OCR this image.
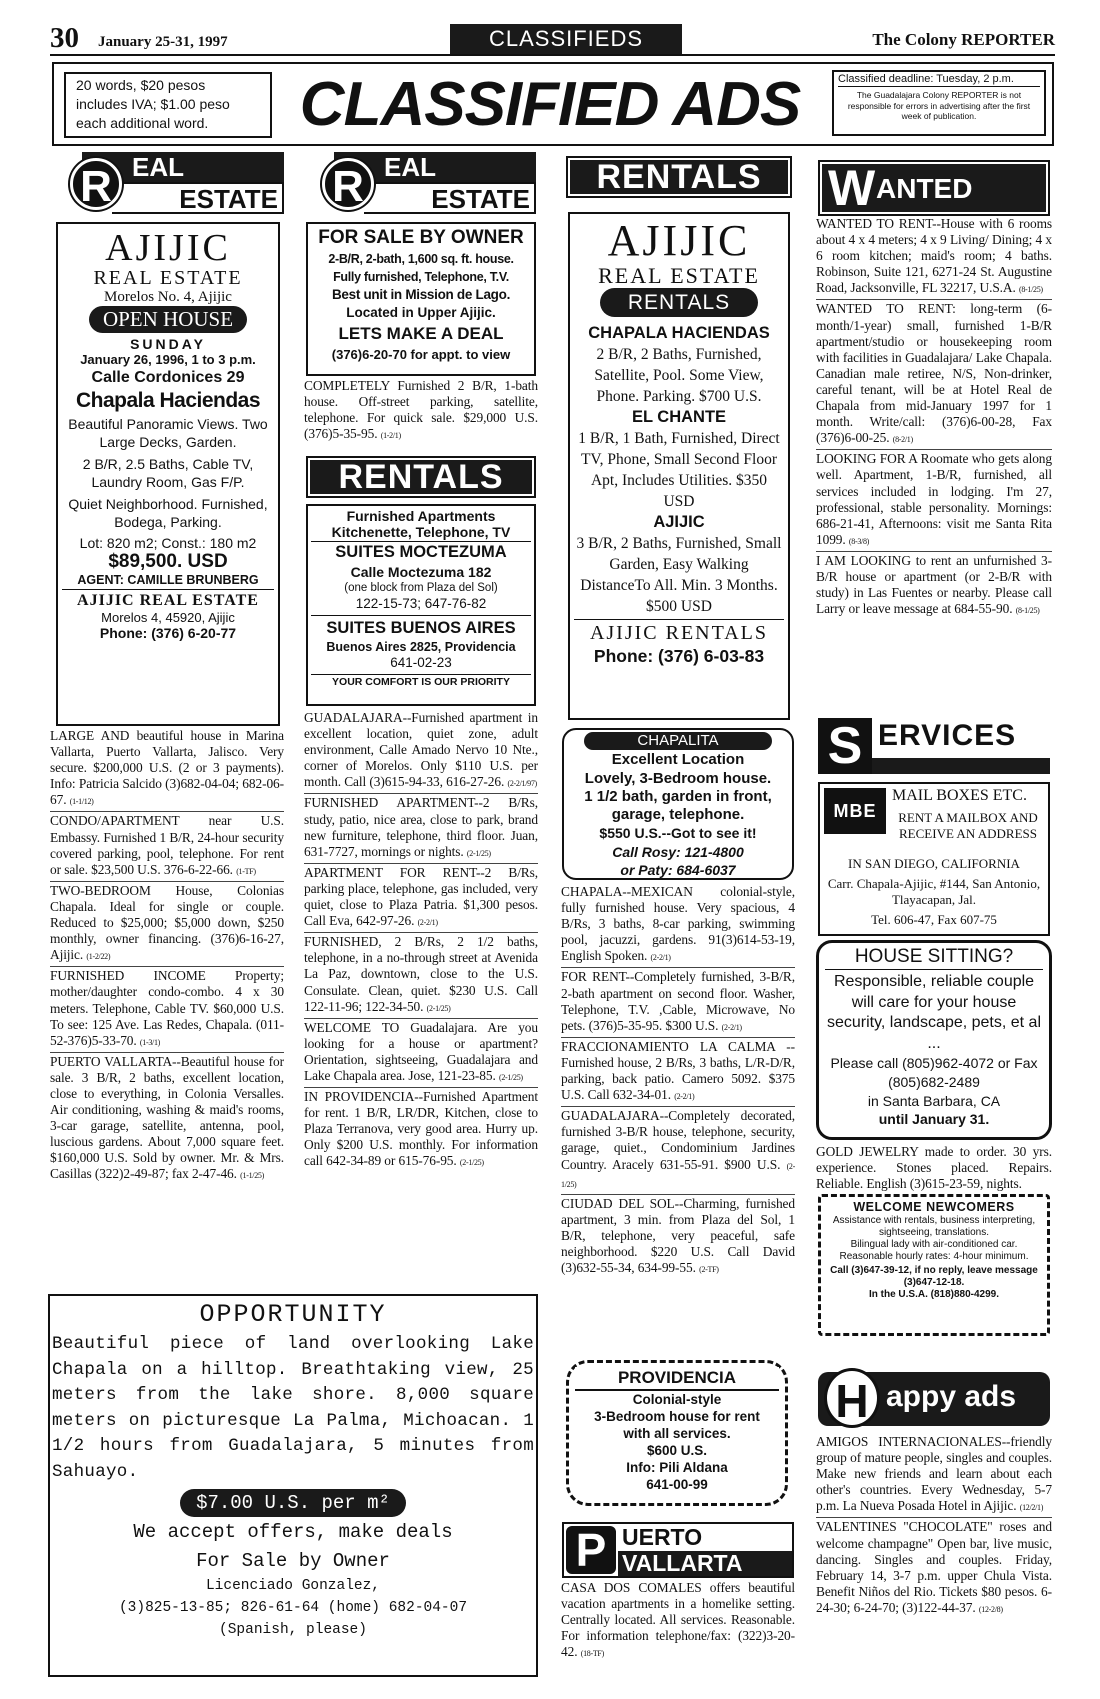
30 January 25-31, 1997	CLASSIFIEDS	The Colony REPORTER
20 words, $20 pesos includes IVA; $1.00 peso each additional word.	CLASSIFIED ADS	Classified deadline: Tuesday, 2 p.m.
The Guadalajara Colony REPORTER is not responsible for errors in advertising after the first week of publication.
EAL
ESTATE
R
AJIJIC
REAL ESTATE
Morelos No. 4, Ajijic
OPEN HOUSE
SUNDAY
January 26, 1996, 1 to 3 p.m.
Calle Cordonices 29
Chapala Haciendas
Beautiful Panoramic Views. Two Large Decks, Garden.
2 B/R, 2.5 Baths, Cable TV, Laundry Room, Gas F/P.
Quiet Neighborhood. Furnished, Bodega, Parking.
Lot: 820 m2; Const.: 180 m2
$89,500. USD
AGENT: CAMILLE BRUNBERG
AJIJIC REAL ESTATE
Morelos 4, 45920, Ajijic
Phone: (376) 6-20-77

LARGE AND beautiful house in Marina Vallarta, Puerto Vallarta, Jalisco. Very secure. $200,000 U.S. (2 or 3 payments). Info: Patricia Salcido (3)682-04-04; 682-06-67. (1-1/12)

CONDO/APARTMENT near U.S. Embassy. Furnished 1 B/R, 24-hour security covered parking, pool, telephone. For rent or sale. $23,500 U.S. 376-6-22-66. (1-TF)

TWO-BEDROOM House, Colonias Chapala. Ideal for single or couple. Reduced to $25,000; $5,000 down, $250 monthly, owner financing. (376)6-16-27, Ajijic. (1-2/22)

FURNISHED INCOME Property; mother/daughter condo-combo. 4 x 30 meters. Telephone, Cable TV. $60,000 U.S. To see: 125 Ave. Las Redes, Chapala. (011-52-376)5-33-70. (1-3/1)

PUERTO VALLARTA--Beautiful house for sale. 3 B/R, 2 baths, excellent location, close to everything, in Colonia Versalles. Air conditioning, washing & maid's rooms, 3-car garage, satellite, antenna, pool, luscious gardens. About 7,000 square feet. $160,000 U.S. Sold by owner. Mr. & Mrs. Casillas (322)2-49-87; fax 2-47-46. (1-1/25)

EAL
ESTATE
R
FOR SALE BY OWNER
2-B/R, 2-bath, 1,600 sq. ft. house.
Fully furnished, Telephone, T.V.
Best unit in Mission de Lago.
Located in Upper Ajijic.
LETS MAKE A DEAL
(376)6-20-70 for appt. to view

COMPLETELY Furnished 2 B/R, 1-bath house. Off-street parking, satellite, telephone. For quick sale. $29,000 U.S. (376)5-35-95. (1-2/1)

RENTALS
Furnished Apartments
Kitchenette, Telephone, TV
SUITES MOCTEZUMA
Calle Moctezuma 182
(one block from Plaza del Sol)
122-15-73; 647-76-82
SUITES BUENOS AIRES
Buenos Aires 2825, Providencia
641-02-23
YOUR COMFORT IS OUR PRIORITY

GUADALAJARA--Furnished apartment in excellent location, quiet zone, adult environment, Calle Amado Nervo 10 Nte., corner of Morelos. Only $110 U.S. per month. Call (3)615-94-33, 616-27-26. (2-2/1/97)

FURNISHED APARTMENT--2 B/Rs, study, patio, nice area, close to park, brand new furniture, telephone, third floor. Juan, 631-7727, mornings or nights. (2-1/25)

APARTMENT FOR RENT--2 B/Rs, parking place, telephone, gas included, very quiet, close to Plaza Patria. $1,300 pesos. Call Eva, 642-97-26. (2-2/1)

FURNISHED, 2 B/Rs, 2 1/2 baths, telephone, in a no-through street at Avenida La Paz, downtown, close to the U.S. Consulate. Clean, quiet. $230 U.S. Call 122-11-96; 122-34-50. (2-1/25)

WELCOME TO Guadalajara. Are you looking for a house or apartment? Orientation, sightseeing, Guadalajara and Lake Chapala area. Jose, 121-23-85. (2-1/25)

IN PROVIDENCIA--Furnished Apartment for rent. 1 B/R, LR/DR, Kitchen, close to Plaza Terranova, very good area. Hurry up. Only $200 U.S. monthly. For information call 642-34-89 or 615-76-95. (2-1/25)

OPPORTUNITY
Beautiful piece of land overlooking Lake Chapala on a hilltop. Breathtaking view, 25 meters from the lake shore. 8,000 square meters on picturesque La Palma, Michoacan. 1 1/2 hours from Guadalajara, 5 minutes from Sahuayo.
$7.00 U.S. per m²
We accept offers, make deals
For Sale by Owner
Licenciado Gonzalez,
(3)825-13-85; 826-61-64 (home) 682-04-07
(Spanish, please)
RENTALS
AJIJIC
REAL ESTATE
RENTALS
CHAPALA HACIENDAS
2 B/R, 2 Baths, Furnished, Satellite, Pool. Some View, Phone. Parking. $700 U.S.
EL CHANTE
1 B/R, 1 Bath, Furnished, Direct TV, Phone, Small Second Floor Apt, Includes Utilities. $350 USD
AJIJIC
3 B/R, 2 Baths, Furnished, Small Garden, Easy Walking DistanceTo All. Min. 3 Months. $500 USD
AJIJIC RENTALS
Phone: (376) 6-03-83
CHAPALITA
Excellent Location
Lovely, 3-Bedroom house.
1 1/2 bath, garden in front, garage, telephone.
$550 U.S.--Got to see it!
Call Rosy: 121-4800
or Paty: 684-6037

CHAPALA--MEXICAN colonial-style, fully furnished house. Very spacious, 4 B/Rs, 3 baths, 8-car parking, swimming pool, jacuzzi, gardens. 91(3)614-53-19, English Spoken. (2-2/1)

FOR RENT--Completely furnished, 3-B/R, 2-bath apartment on second floor. Washer, Telephone, T.V. ,Cable, Microwave, No pets. (376)5-35-95. $300 U.S. (2-2/1)

FRACCIONAMIENTO LA CALMA --Furnished house, 2 B/Rs, 3 baths, L/R-D/R, parking, back patio. Camero 5092. $375 U.S. Call 632-34-01. (2-2/1)

GUADALAJARA--Completely decorated, furnished 3-B/R house, telephone, security, garage, quiet., Condominium Jardines Country. Aracely 631-55-91. $900 U.S. (2-1/25)

CIUDAD DEL SOL--Charming, furnished apartment, 3 min. from Plaza del Sol, 1 B/R, telephone, very peaceful, safe neighborhood. $220 U.S. Call David (3)632-55-34, 634-99-55. (2-TF)

PROVIDENCIA
Colonial-style
3-Bedroom house for rent
with all services.
$600 U.S.
Info: Pili Aldana
641-00-99
P UERTO
VALLARTA

CASA DOS COMALES offers beautiful vacation apartments in a homelike setting. Centrally located. All services. Reasonable. For information telephone/fax: (322)3-20-42. (18-TF)

W ANTED

WANTED TO RENT--House with 6 rooms about 4 x 4 meters; 4 x 9 Living/ Dining; 4 x 6 room kitchen; maid's room; 4 baths. Robinson, Suite 121, 6271-24 St. Augustine Road, Jacksonville, FL 32217, U.S.A. (8-1/25)

WANTED TO RENT: long-term (6-month/1-year) small, furnished 1-B/R apartment/studio or housekeeping room with facilities in Guadalajara/ Lake Chapala. Canadian male retiree, N/S, Non-drinker, careful tenant, will be at Hotel Real de Chapala from mid-January 1997 for 1 month. Write/call: (376)6-00-28, Fax (376)6-00-25. (8-2/1)

LOOKING FOR A Roomate who gets along well. Apartment, 1-B/R, furnished, all services included in lodging. I'm 27, professional, stable personality. Mornings: 686-21-41, Afternoons: visit me Santa Rita 1099. (8-3/8)

I AM LOOKING to rent an unfurnished 3-B/R house or apartment (or 2-B/R with study) in Las Fuentes or nearby. Please call Larry or leave message at 684-55-90. (8-1/25)

S ERVICES
MBE
MAIL BOXES ETC.
RENT A MAILBOX AND RECEIVE AN ADDRESS
IN SAN DIEGO, CALIFORNIA
Carr. Chapala-Ajijic, #144, San Antonio, Tlayacapan, Jal.
Tel. 606-47, Fax 607-75
HOUSE SITTING?
Responsible, reliable couple will care for your house security, landscape, pets, et al ...
Please call (805)962-4072 or Fax (805)682-2489
in Santa Barbara, CA
until January 31.

GOLD JEWELRY made to order. 30 yrs. experience. Stones placed. Repairs. Reliable. English (3)615-23-59, nights.

WELCOME NEWCOMERS
Assistance with rentals, business interpreting, sightseeing, translations.
Bilingual lady with air-conditioned car.
Reasonable hourly rates: 4-hour minimum.
Call (3)647-39-12, if no reply, leave message (3)647-12-18.
In the U.S.A. (818)880-4299.
H appy ads

AMIGOS INTERNACIONALES--friendly group of mature people, singles and couples. Make new friends and learn about each other's countries. Every Wednesday, 5-7 p.m. La Nueva Posada Hotel in Ajijic. (12/2/1)

VALENTINES "CHOCOLATE" roses and welcome champagne" Open bar, live music, dancing. Singles and couples. Friday, February 14, 3-7 p.m. upper Chula Vista. Benefit Niños del Rio. Tickets $80 pesos. 6-24-30; 6-24-70; (3)122-44-37. (12-2/8)
